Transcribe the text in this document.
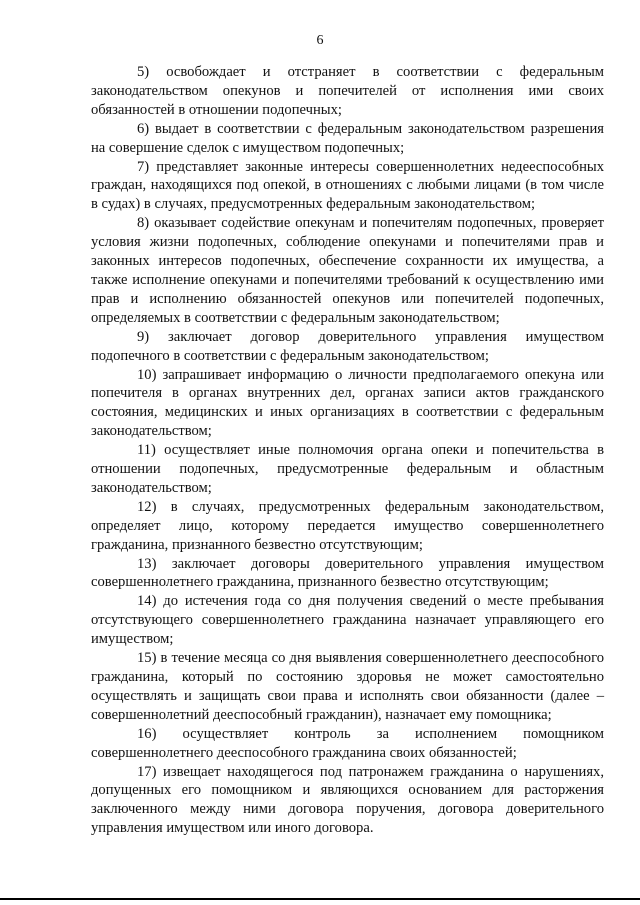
6

5) освобождает и отстраняет в соответствии с федеральным законодательством опекунов и попечителей от исполнения ими своих обязанностей в отношении подопечных;

6) выдает в соответствии с федеральным законодательством разрешения на совершение сделок с имуществом подопечных;

7) представляет законные интересы совершеннолетних недееспособных граждан, находящихся под опекой, в отношениях с любыми лицами (в том числе в судах) в случаях, предусмотренных федеральным законодательством;

8) оказывает содействие опекунам и попечителям подопечных, проверяет условия жизни подопечных, соблюдение опекунами и попечителями прав и законных интересов подопечных, обеспечение сохранности их имущества, а также исполнение опекунами и попечителями требований к осуществлению ими прав и исполнению обязанностей опекунов или попечителей подопечных, определяемых в соответствии с федеральным законодательством;

9) заключает договор доверительного управления имуществом подопечного в соответствии с федеральным законодательством;

10) запрашивает информацию о личности предполагаемого опекуна или попечителя в органах внутренних дел, органах записи актов гражданского состояния, медицинских и иных организациях в соответствии с федеральным законодательством;

11) осуществляет иные полномочия органа опеки и попечительства в отношении подопечных, предусмотренные федеральным и областным законодательством;

12) в случаях, предусмотренных федеральным законодательством, определяет лицо, которому передается имущество совершеннолетнего гражданина, признанного безвестно отсутствующим;

13) заключает договоры доверительного управления имуществом совершеннолетнего гражданина, признанного безвестно отсутствующим;

14) до истечения года со дня получения сведений о месте пребывания отсутствующего совершеннолетнего гражданина назначает управляющего его имуществом;

15) в течение месяца со дня выявления совершеннолетнего дееспособного гражданина, который по состоянию здоровья не может самостоятельно осуществлять и защищать свои права и исполнять свои обязанности (далее – совершеннолетний дееспособный гражданин), назначает ему помощника;

16) осуществляет контроль за исполнением помощником совершеннолетнего дееспособного гражданина своих обязанностей;

17) извещает находящегося под патронажем гражданина о нарушениях, допущенных его помощником и являющихся основанием для расторжения заключенного между ними договора поручения, договора доверительного управления имуществом или иного договора.
